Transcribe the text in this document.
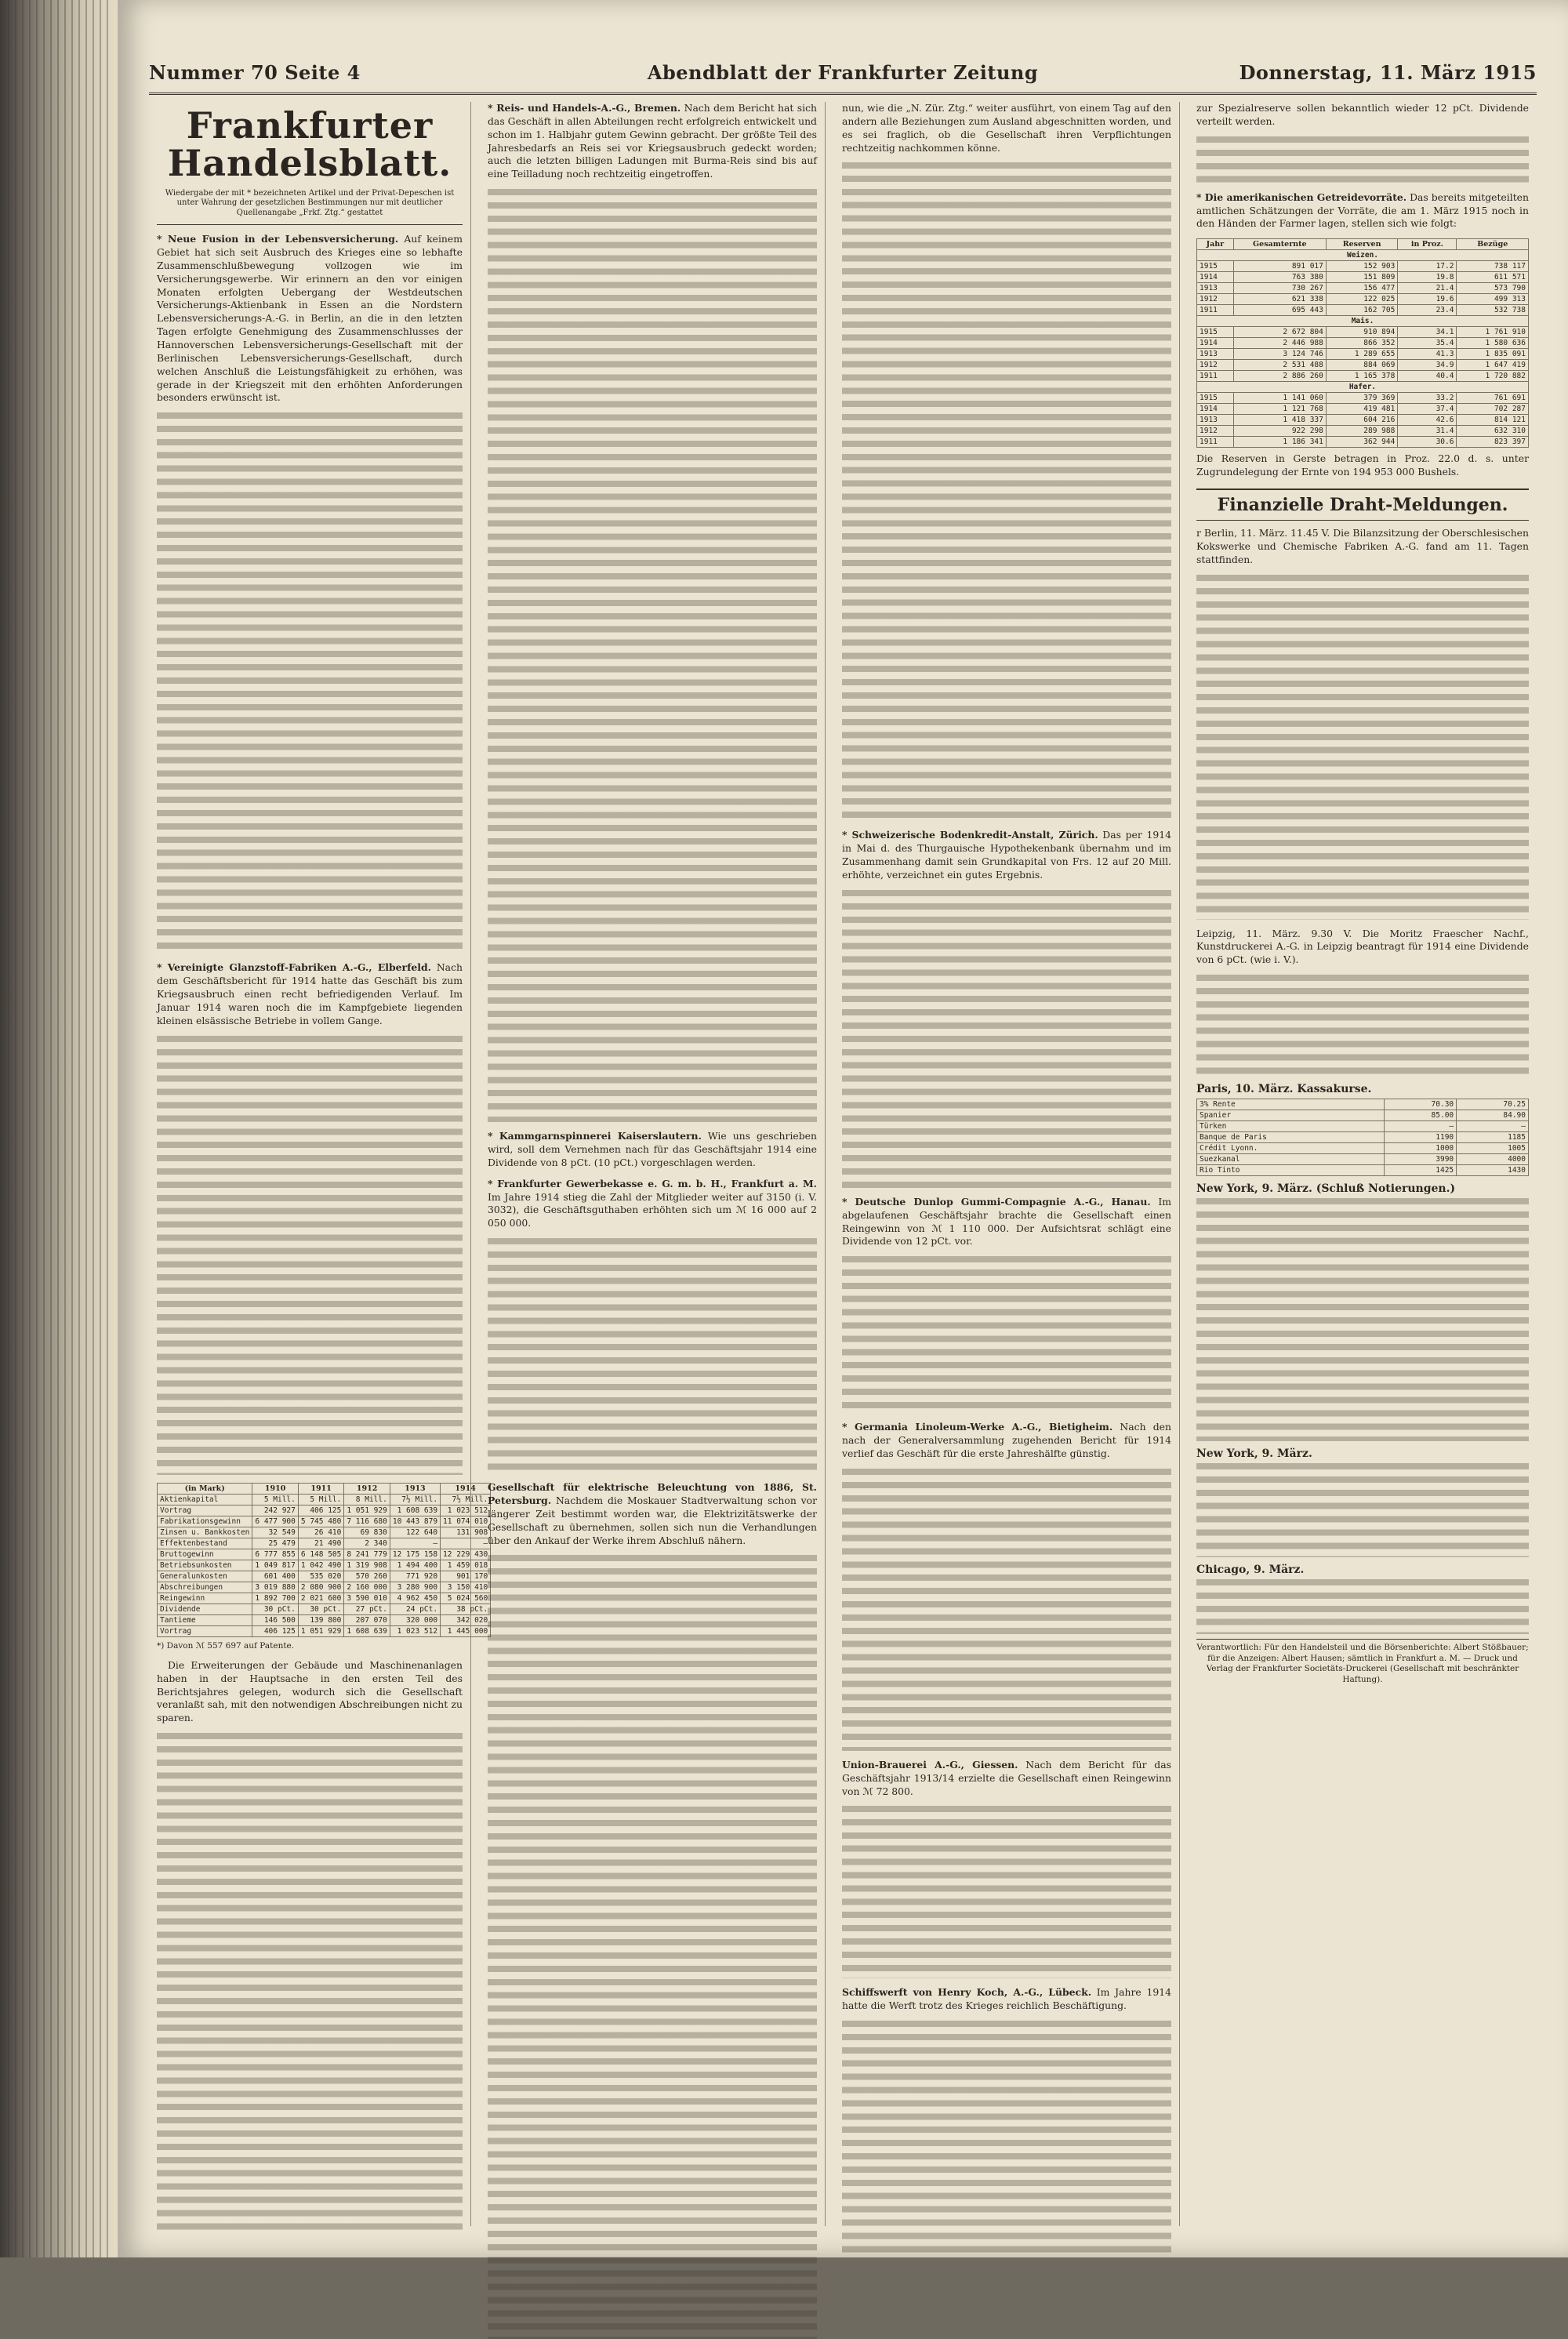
Nummer 70 Seite 4	Abendblatt der Frankfurter Zeitung	Donnerstag, 11. März 1915
Frankfurter Handelsblatt.
Wiedergabe der mit * bezeichneten Artikel und der Privat-Depeschen ist unter Wahrung der gesetzlichen Bestimmungen nur mit deutlicher Quellenangabe „Frkf. Ztg.“ gestattet
* Neue Fusion in der Lebensversicherung. Auf keinem Gebiet hat sich seit Ausbruch des Krieges eine so lebhafte Zusammenschlußbewegung vollzogen wie im Versicherungsgewerbe. Wir erinnern an den vor einigen Monaten erfolgten Uebergang der Westdeutschen Versicherungs-Aktienbank in Essen an die Nordstern Lebensversicherungs-A.-G. in Berlin, an die in den letzten Tagen erfolgte Genehmigung des Zusammenschlusses der Hannoverschen Lebensversicherungs-Gesellschaft mit der Berlinischen Lebensversicherungs-Gesellschaft, durch welchen Anschluß die Leistungsfähigkeit zu erhöhen, was gerade in der Kriegszeit mit den erhöhten Anforderungen besonders erwünscht ist.
* Vereinigte Glanzstoff-Fabriken A.-G., Elberfeld. Nach dem Geschäftsbericht für 1914 hatte das Geschäft bis zum Kriegsausbruch einen recht befriedigenden Verlauf. Im Januar 1914 waren noch die im Kampfgebiete liegenden kleinen elsässische Betriebe in vollem Gange.
(in Mark)	1910	1911	1912	1913	1914
Aktienkapital	5 Mill.	5 Mill.	8 Mill.	7½ Mill.	7½ Mill.
Vortrag	242 927	406 125	1 051 929	1 608 639	1 023 512
Fabrikationsgewinn	6 477 900	5 745 480	7 116 680	10 443 879	11 074 010
Zinsen u. Bankkosten	32 549	26 410	69 830	122 640	131 908
Effektenbestand	25 479	21 490	2 340	—	—
Bruttogewinn	6 777 855	6 148 505	8 241 779	12 175 158	12 229 430
Betriebsunkosten	1 049 817	1 042 490	1 319 908	1 494 400	1 459 018
Generalunkosten	601 400	535 020	570 260	771 920	901 170
Abschreibungen	3 019 880	2 080 900	2 160 000	3 280 900	3 150 410
Reingewinn	1 892 700	2 021 600	3 590 010	4 962 450	5 024 560
Dividende	30 pCt.	30 pCt.	27 pCt.	24 pCt.	38 pCt.
Tantieme	146 500	139 800	207 070	320 000	342 020
Vortrag	406 125	1 051 929	1 608 639	1 023 512	1 445 000
*) Davon ℳ 557 697 auf Patente.

Die Erweiterungen der Gebäude und Maschinenanlagen haben in der Hauptsache in den ersten Teil des Berichtsjahres gelegen, wodurch sich die Gesellschaft veranlaßt sah, mit den notwendigen Abschreibungen nicht zu sparen.

* Reis- und Handels-A.-G., Bremen. Nach dem Bericht hat sich das Geschäft in allen Abteilungen recht erfolgreich entwickelt und schon im 1. Halbjahr gutem Gewinn gebracht. Der größte Teil des Jahresbedarfs an Reis sei vor Kriegsausbruch gedeckt worden; auch die letzten billigen Ladungen mit Burma-Reis sind bis auf eine Teilladung noch rechtzeitig eingetroffen.
* Kammgarnspinnerei Kaiserslautern. Wie uns geschrieben wird, soll dem Vernehmen nach für das Geschäftsjahr 1914 eine Dividende von 8 pCt. (10 pCt.) vorgeschlagen werden.
* Frankfurter Gewerbekasse e. G. m. b. H., Frankfurt a. M. Im Jahre 1914 stieg die Zahl der Mitglieder weiter auf 3150 (i. V. 3032), die Geschäftsguthaben erhöhten sich um ℳ 16 000 auf 2 050 000.
Gesellschaft für elektrische Beleuchtung von 1886, St. Petersburg. Nachdem die Moskauer Stadtverwaltung schon vor längerer Zeit bestimmt worden war, die Elektrizitätswerke der Gesellschaft zu übernehmen, sollen sich nun die Verhandlungen über den Ankauf der Werke ihrem Abschluß nähern.
nun, wie die „N. Zür. Ztg.“ weiter ausführt, von einem Tag auf den andern alle Beziehungen zum Ausland abgeschnitten worden, und es sei fraglich, ob die Gesellschaft ihren Verpflichtungen rechtzeitig nachkommen könne.
* Schweizerische Bodenkredit-Anstalt, Zürich. Das per 1914 in Mai d. des Thurgauische Hypothekenbank übernahm und im Zusammenhang damit sein Grundkapital von Frs. 12 auf 20 Mill. erhöhte, verzeichnet ein gutes Ergebnis.
* Deutsche Dunlop Gummi-Compagnie A.-G., Hanau. Im abgelaufenen Geschäftsjahr brachte die Gesellschaft einen Reingewinn von ℳ 1 110 000. Der Aufsichtsrat schlägt eine Dividende von 12 pCt. vor.
* Germania Linoleum-Werke A.-G., Bietigheim. Nach den nach der Generalversammlung zugehenden Bericht für 1914 verlief das Geschäft für die erste Jahreshälfte günstig.
Union-Brauerei A.-G., Giessen. Nach dem Bericht für das Geschäftsjahr 1913/14 erzielte die Gesellschaft einen Reingewinn von ℳ 72 800.
Schiffswerft von Henry Koch, A.-G., Lübeck. Im Jahre 1914 hatte die Werft trotz des Krieges reichlich Beschäftigung.
zur Spezialreserve sollen bekanntlich wieder 12 pCt. Dividende verteilt werden.
* Die amerikanischen Getreidevorräte. Das bereits mitgeteilten amtlichen Schätzungen der Vorräte, die am 1. März 1915 noch in den Händen der Farmer lagen, stellen sich wie folgt:
Jahr	Gesamternte	Reserven	in Proz.	Bezüge
Weizen.				
1915	891 017	152 903	17.2	738 117
1914	763 380	151 809	19.8	611 571
1913	730 267	156 477	21.4	573 790
1912	621 338	122 025	19.6	499 313
1911	695 443	162 705	23.4	532 738
Mais.				
1915	2 672 804	910 894	34.1	1 761 910
1914	2 446 988	866 352	35.4	1 580 636
1913	3 124 746	1 289 655	41.3	1 835 091
1912	2 531 488	884 069	34.9	1 647 419
1911	2 886 260	1 165 378	40.4	1 720 882
Hafer.				
1915	1 141 060	379 369	33.2	761 691
1914	1 121 768	419 481	37.4	702 287
1913	1 418 337	604 216	42.6	814 121
1912	922 298	289 988	31.4	632 310
1911	1 186 341	362 944	30.6	823 397
Die Reserven in Gerste betragen in Proz. 22.0 d. s. unter Zugrundelegung der Ernte von 194 953 000 Bushels.
Finanzielle Draht-Meldungen.
r Berlin, 11. März. 11.45 V. Die Bilanzsitzung der Oberschlesischen Kokswerke und Chemische Fabriken A.-G. fand am 11. Tagen stattfinden.
Leipzig, 11. März. 9.30 V. Die Moritz Fraescher Nachf., Kunstdruckerei A.-G. in Leipzig beantragt für 1914 eine Dividende von 6 pCt. (wie i. V.).
Paris, 10. März. Kassakurse.
3% Rente	70.30	70.25
Spanier	85.00	84.90
Türken	—	—
Banque de Paris	1190	1185
Crédit Lyonn.	1000	1005
Suezkanal	3990	4000
Rio Tinto	1425	1430
New York, 9. März. (Schluß Notierungen.)
New York, 9. März.
Chicago, 9. März.
Verantwortlich: Für den Handelsteil und die Börsenberichte: Albert Stößbauer; für die Anzeigen: Albert Hausen; sämtlich in Frankfurt a. M. — Druck und Verlag der Frankfurter Societäts-Druckerei (Gesellschaft mit beschränkter Haftung).
